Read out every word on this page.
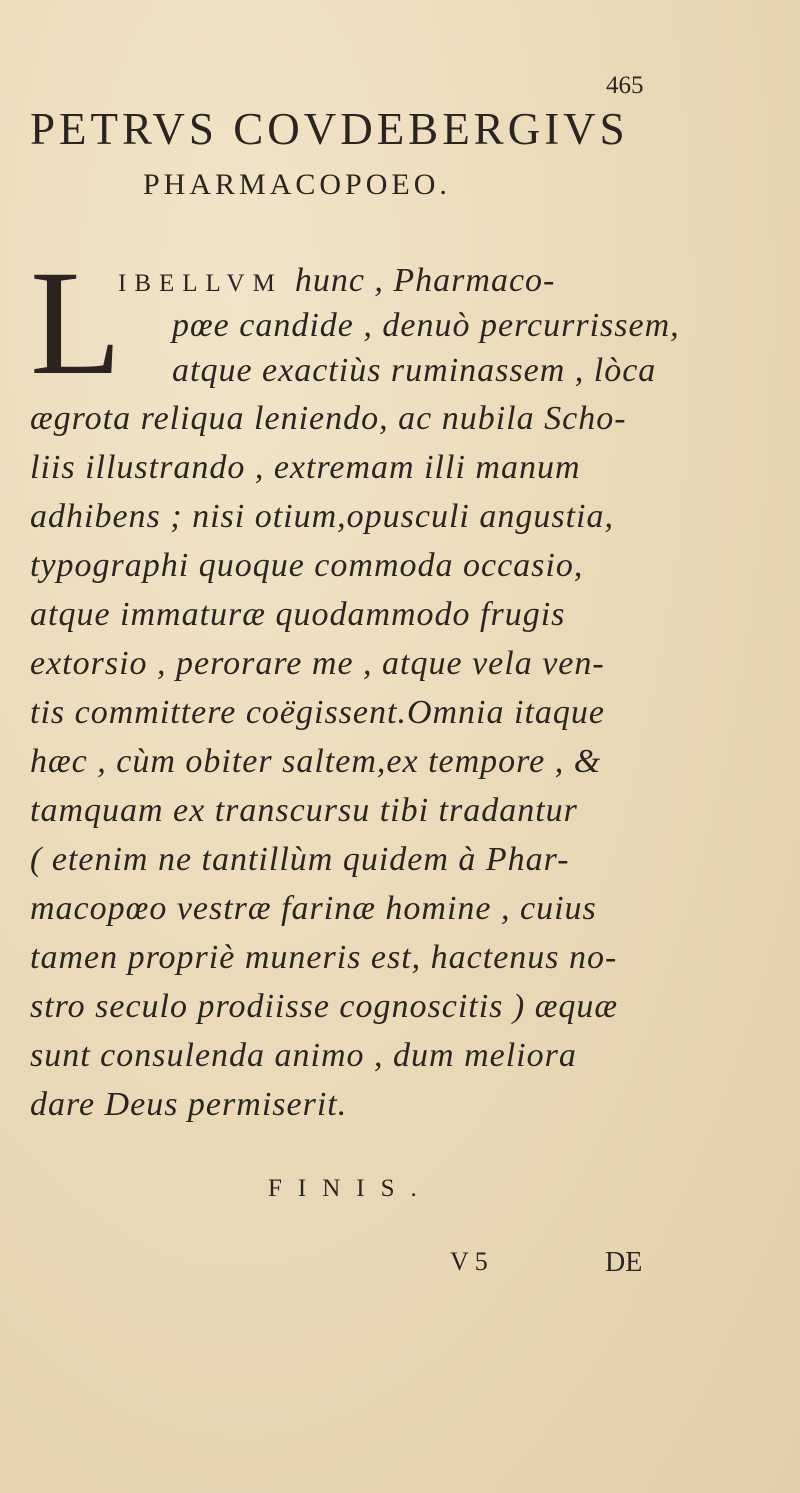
465
PETRVS COVDEBERGIVS
PHARMACOPOEO.
L
IBELLVM hunc , Pharmaco-
pœe candide , denuò percurrissem,
atque exactiùs ruminassem , lòca
ægrota reliqua leniendo, ac nubila Scho-
liis illustrando , extremam illi manum
adhibens ; nisi otium,opusculi angustia,
typographi quoque commoda occasio,
atque immaturæ quodammodo frugis
extorsio , perorare me , atque vela ven-
tis committere coëgissent.Omnia itaque
hæc , cùm obiter saltem,ex tempore , &
tamquam ex transcursu tibi tradantur
( etenim ne tantillùm quidem à Phar-
macopœo vestræ farinæ homine , cuius
tamen propriè muneris est, hactenus no-
stro seculo prodiisse cognoscitis ) æquæ
sunt consulenda animo , dum meliora
dare Deus permiserit.
FINIS.
V 5	DE
